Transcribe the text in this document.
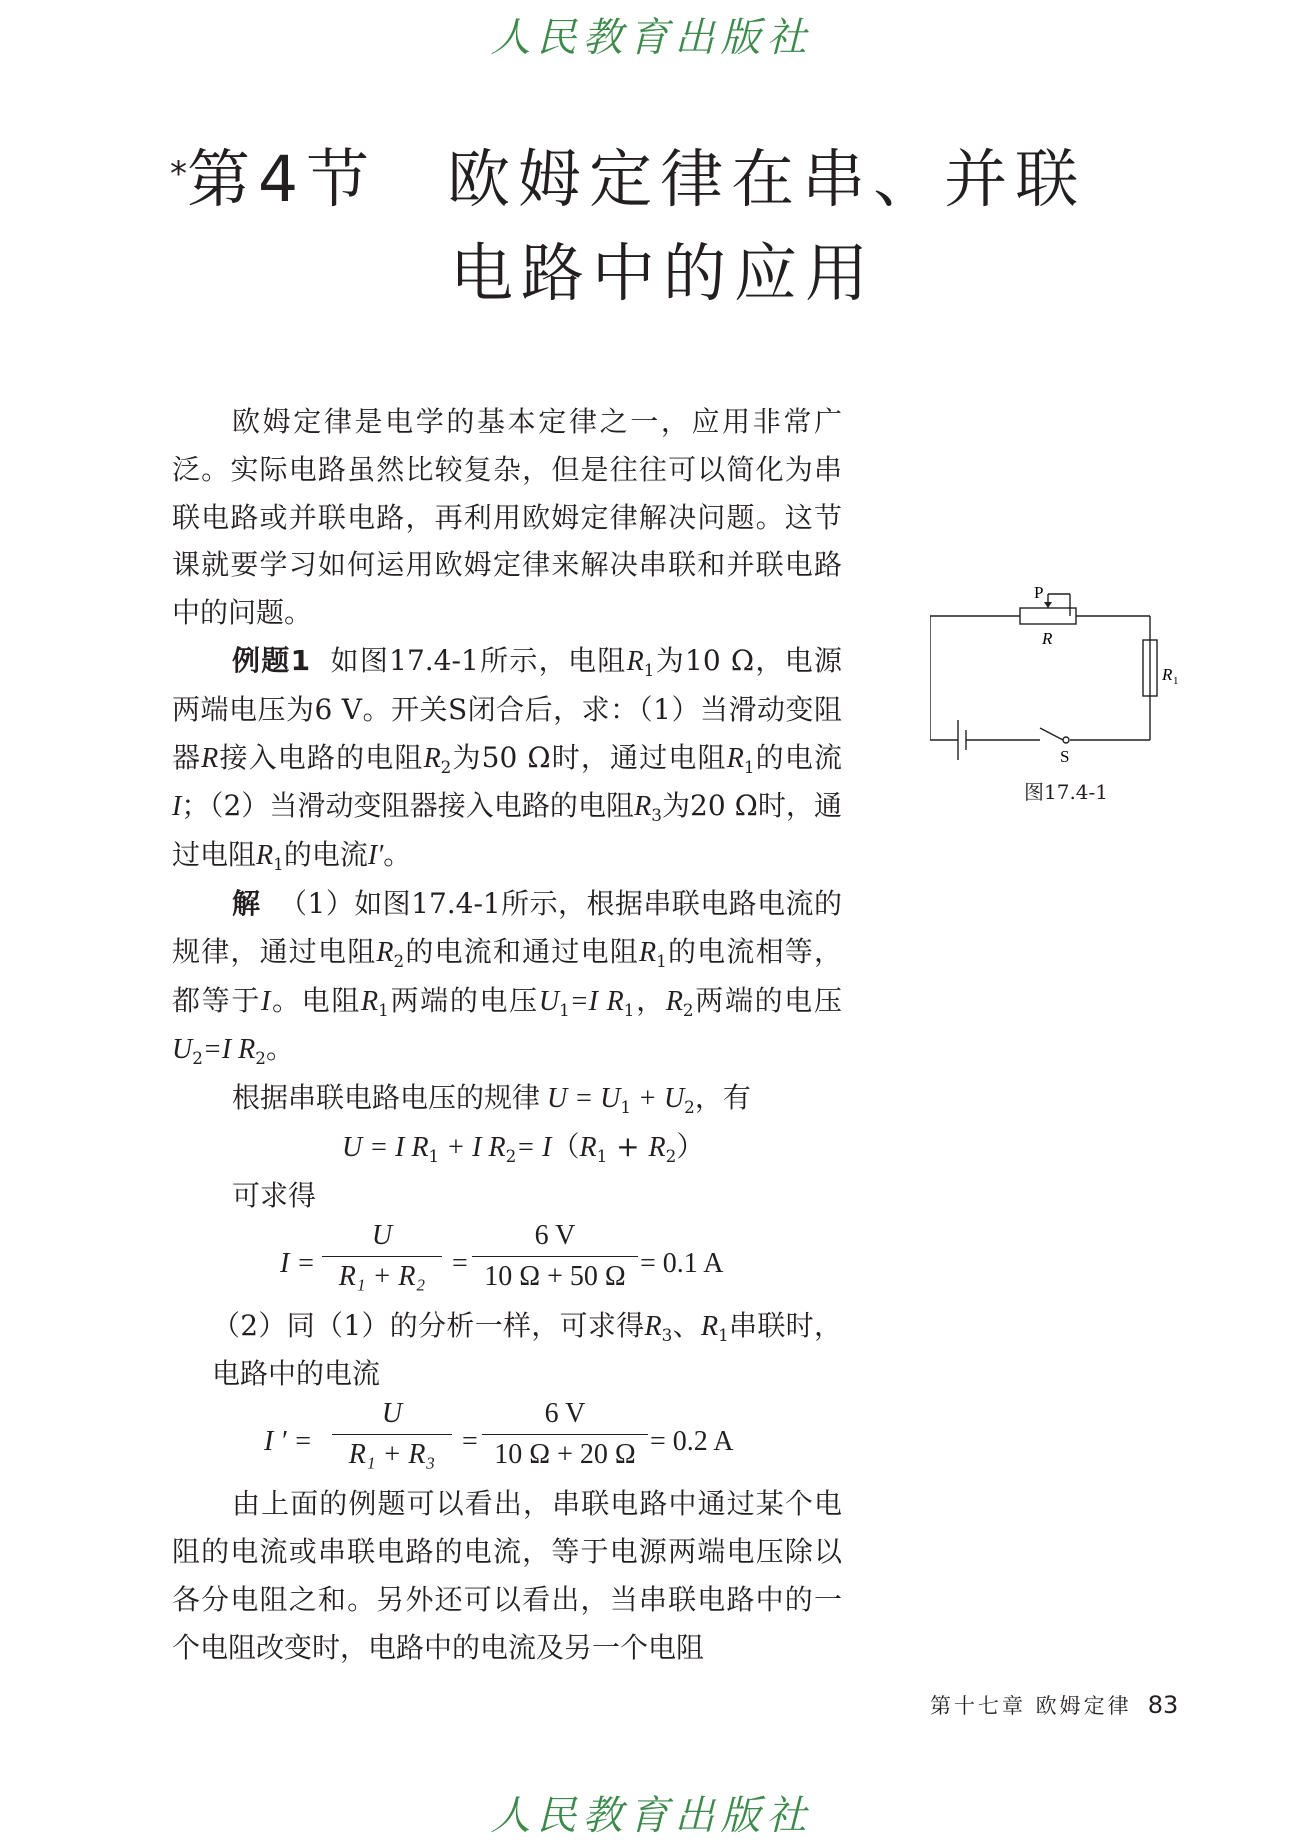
人民教育出版社
*第4节 欧姆定律在串、并联
电路中的应用

欧姆定律是电学的基本定律之一，应用非常广泛。实际电路虽然比较复杂，但是往往可以简化为串联电路或并联电路，再利用欧姆定律解决问题。这节课就要学习如何运用欧姆定律来解决串联和并联电路中的问题。

例题1 如图17.4-1所示，电阻$R_1$为10 Ω，电源两端电压为6 V。开关S闭合后，求：（1）当滑动变阻器R接入电路的电阻$R_2$为50 Ω时，通过电阻$R_1$的电流I；（2）当滑动变阻器接入电路的电阻$R_3$为20 Ω时，通过电阻$R_1$的电流I′。

解 （1）如图17.4-1所示，根据串联电路电流的规律，通过电阻$R_2$的电流和通过电阻$R_1$的电流相等，都等于I。电阻$R_1$两端的电压$U_1=I$ $R_1$，$R_2$两端的电压$U_2=I$ $R_2$。

根据串联电路电压的规律 $U = U_1 + U_2$，有

U = I $R_1 + I$ $R_2= I(R_1 + R_2)$

可求得

I =
U
R₁ + R₂ =
6 V
10 Ω + 50 Ω = 0.1 A

（2）同（1）的分析一样，可求得$R_3$、$R_1$串联时，电路中的电流

I ′ =
U
R₁ + R₃ =
6 V
10 Ω + 20 Ω = 0.2 A

由上面的例题可以看出，串联电路中通过某个电阻的电流或串联电路的电流，等于电源两端电压除以各分电阻之和。另外还可以看出，当串联电路中的一个电阻改变时，电路中的电流及另一个电阻

P
R
R 1
S
图17.4-1
第十七章 欧姆定律 83
人民教育出版社
